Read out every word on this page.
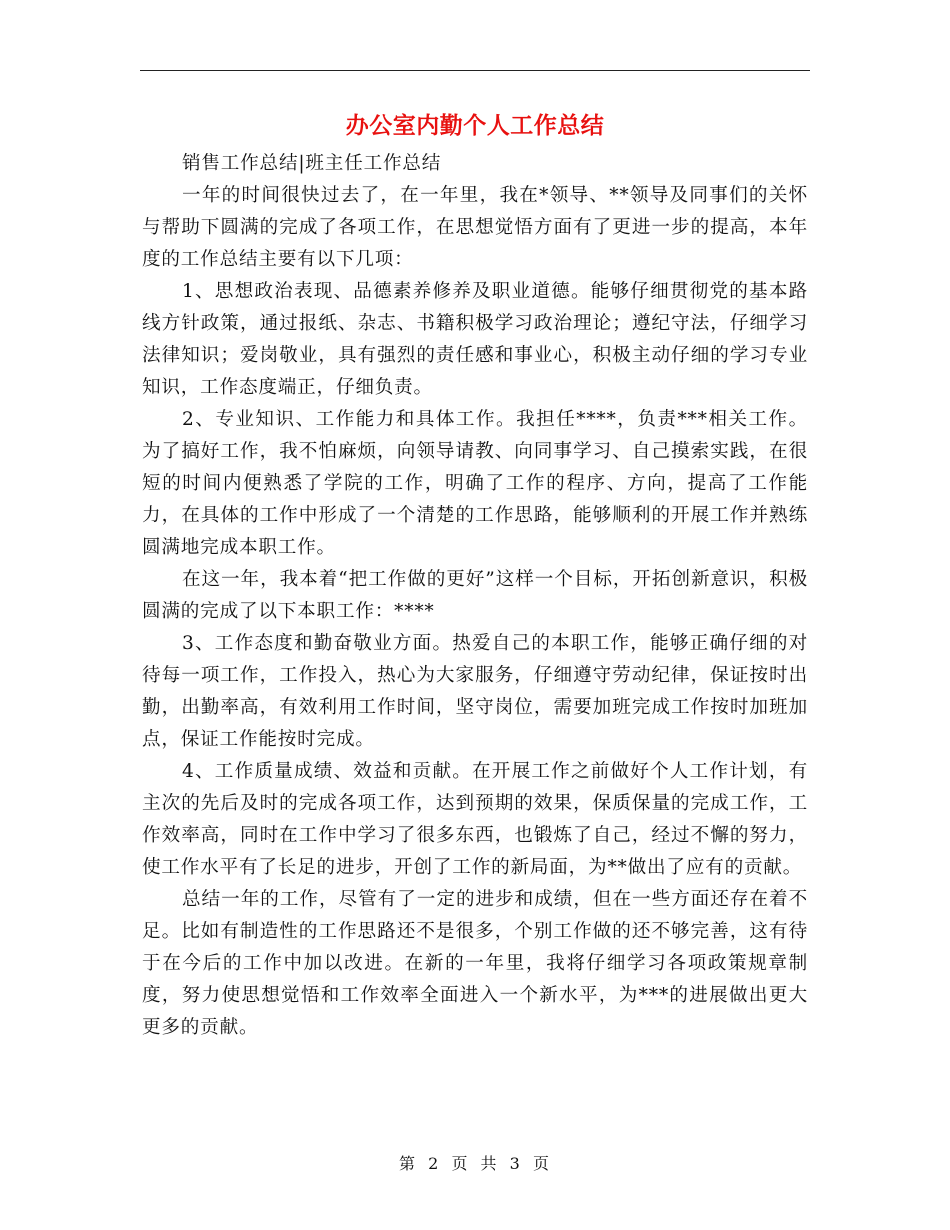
办公室内勤个人工作总结

销售工作总结|班主任工作总结

一年的时间很快过去了，在一年里，我在*领导、**领导及同事们的关怀与帮助下圆满的完成了各项工作，在思想觉悟方面有了更进一步的提高，本年度的工作总结主要有以下几项：

1、思想政治表现、品德素养修养及职业道德。能够仔细贯彻党的基本路线方针政策，通过报纸、杂志、书籍积极学习政治理论；遵纪守法，仔细学习法律知识；爱岗敬业，具有强烈的责任感和事业心，积极主动仔细的学习专业知识，工作态度端正，仔细负责。

2、专业知识、工作能力和具体工作。我担任****，负责***相关工作。为了搞好工作，我不怕麻烦，向领导请教、向同事学习、自己摸索实践，在很短的时间内便熟悉了学院的工作，明确了工作的程序、方向，提高了工作能力，在具体的工作中形成了一个清楚的工作思路，能够顺利的开展工作并熟练圆满地完成本职工作。

在这一年，我本着“把工作做的更好”这样一个目标，开拓创新意识，积极圆满的完成了以下本职工作：****

3、工作态度和勤奋敬业方面。热爱自己的本职工作，能够正确仔细的对待每一项工作，工作投入，热心为大家服务，仔细遵守劳动纪律，保证按时出勤，出勤率高，有效利用工作时间，坚守岗位，需要加班完成工作按时加班加点，保证工作能按时完成。

4、工作质量成绩、效益和贡献。在开展工作之前做好个人工作计划，有主次的先后及时的完成各项工作，达到预期的效果，保质保量的完成工作，工作效率高，同时在工作中学习了很多东西，也锻炼了自己，经过不懈的努力，使工作水平有了长足的进步，开创了工作的新局面，为**做出了应有的贡献。

总结一年的工作，尽管有了一定的进步和成绩，但在一些方面还存在着不足。比如有制造性的工作思路还不是很多，个别工作做的还不够完善，这有待于在今后的工作中加以改进。在新的一年里，我将仔细学习各项政策规章制度，努力使思想觉悟和工作效率全面进入一个新水平，为***的进展做出更大更多的贡献。

第 2 页 共 3 页
